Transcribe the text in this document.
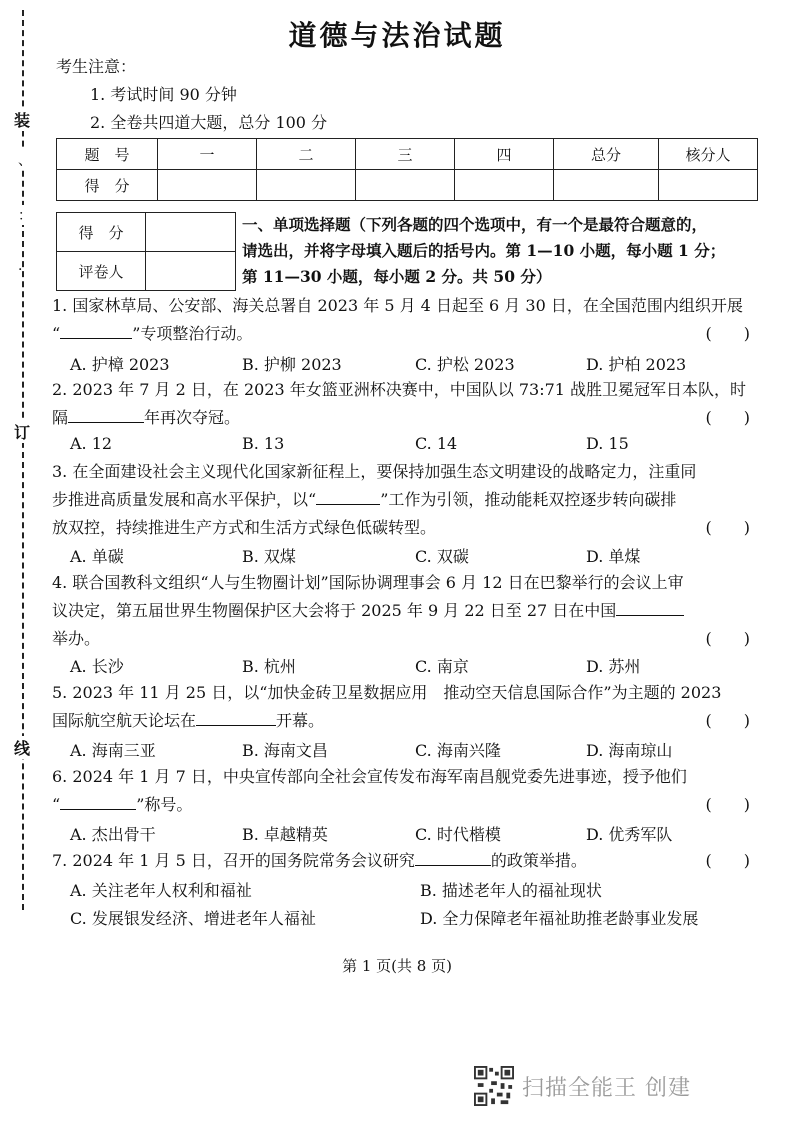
装
、
：
·
订
线
道德与法治试题
考生注意：
1. 考试时间 90 分钟
2. 全卷共四道大题，总分 100 分
题　号	一	二	三	四	总分	核分人
得　分						
得　分	
评卷人	
一、单项选择题（下列各题的四个选项中，有一个是最符合题意的，
请选出，并将字母填入题后的括号内。第 1—10 小题，每小题 1 分；
第 11—30 小题，每小题 2 分。共 50 分）
1. 国家林草局、公安部、海关总署自 2023 年 5 月 4 日起至 6 月 30 日，在全国范围内组织开展
“	”专项整治行动。	(　　)
A. 护樟 2023	B. 护柳 2023	C. 护松 2023	D. 护柏 2023
2. 2023 年 7 月 2 日，在 2023 年女篮亚洲杯决赛中，中国队以 73:71 战胜卫冕冠军日本队，时
隔	年再次夺冠。	(　　)
A. 12	B. 13	C. 14	D. 15
3. 在全面建设社会主义现代化国家新征程上，要保持加强生态文明建设的战略定力，注重同
步推进高质量发展和高水平保护，以“	”工作为引领，推动能耗双控逐步转向碳排
放双控，持续推进生产方式和生活方式绿色低碳转型。	(　　)
A. 单碳	B. 双煤	C. 双碳	D. 单煤
4. 联合国教科文组织“人与生物圈计划”国际协调理事会 6 月 12 日在巴黎举行的会议上审
议决定，第五届世界生物圈保护区大会将于 2025 年 9 月 22 日至 27 日在中国
举办。	(　　)
A. 长沙	B. 杭州	C. 南京	D. 苏州
5. 2023 年 11 月 25 日，以“加快金砖卫星数据应用　推动空天信息国际合作”为主题的 2023
国际航空航天论坛在	开幕。	(　　)
A. 海南三亚	B. 海南文昌	C. 海南兴隆	D. 海南琼山
6. 2024 年 1 月 7 日，中央宣传部向全社会宣传发布海军南昌舰党委先进事迹，授予他们
“	”称号。	(　　)
A. 杰出骨干	B. 卓越精英	C. 时代楷模	D. 优秀军队
7. 2024 年 1 月 5 日，召开的国务院常务会议研究	的政策举措。	(　　)
A. 关注老年人权利和福祉	B. 描述老年人的福祉现状
C. 发展银发经济、增进老年人福祉	D. 全力保障老年福祉助推老龄事业发展
第 1 页(共 8 页)
扫描全能王 创建
